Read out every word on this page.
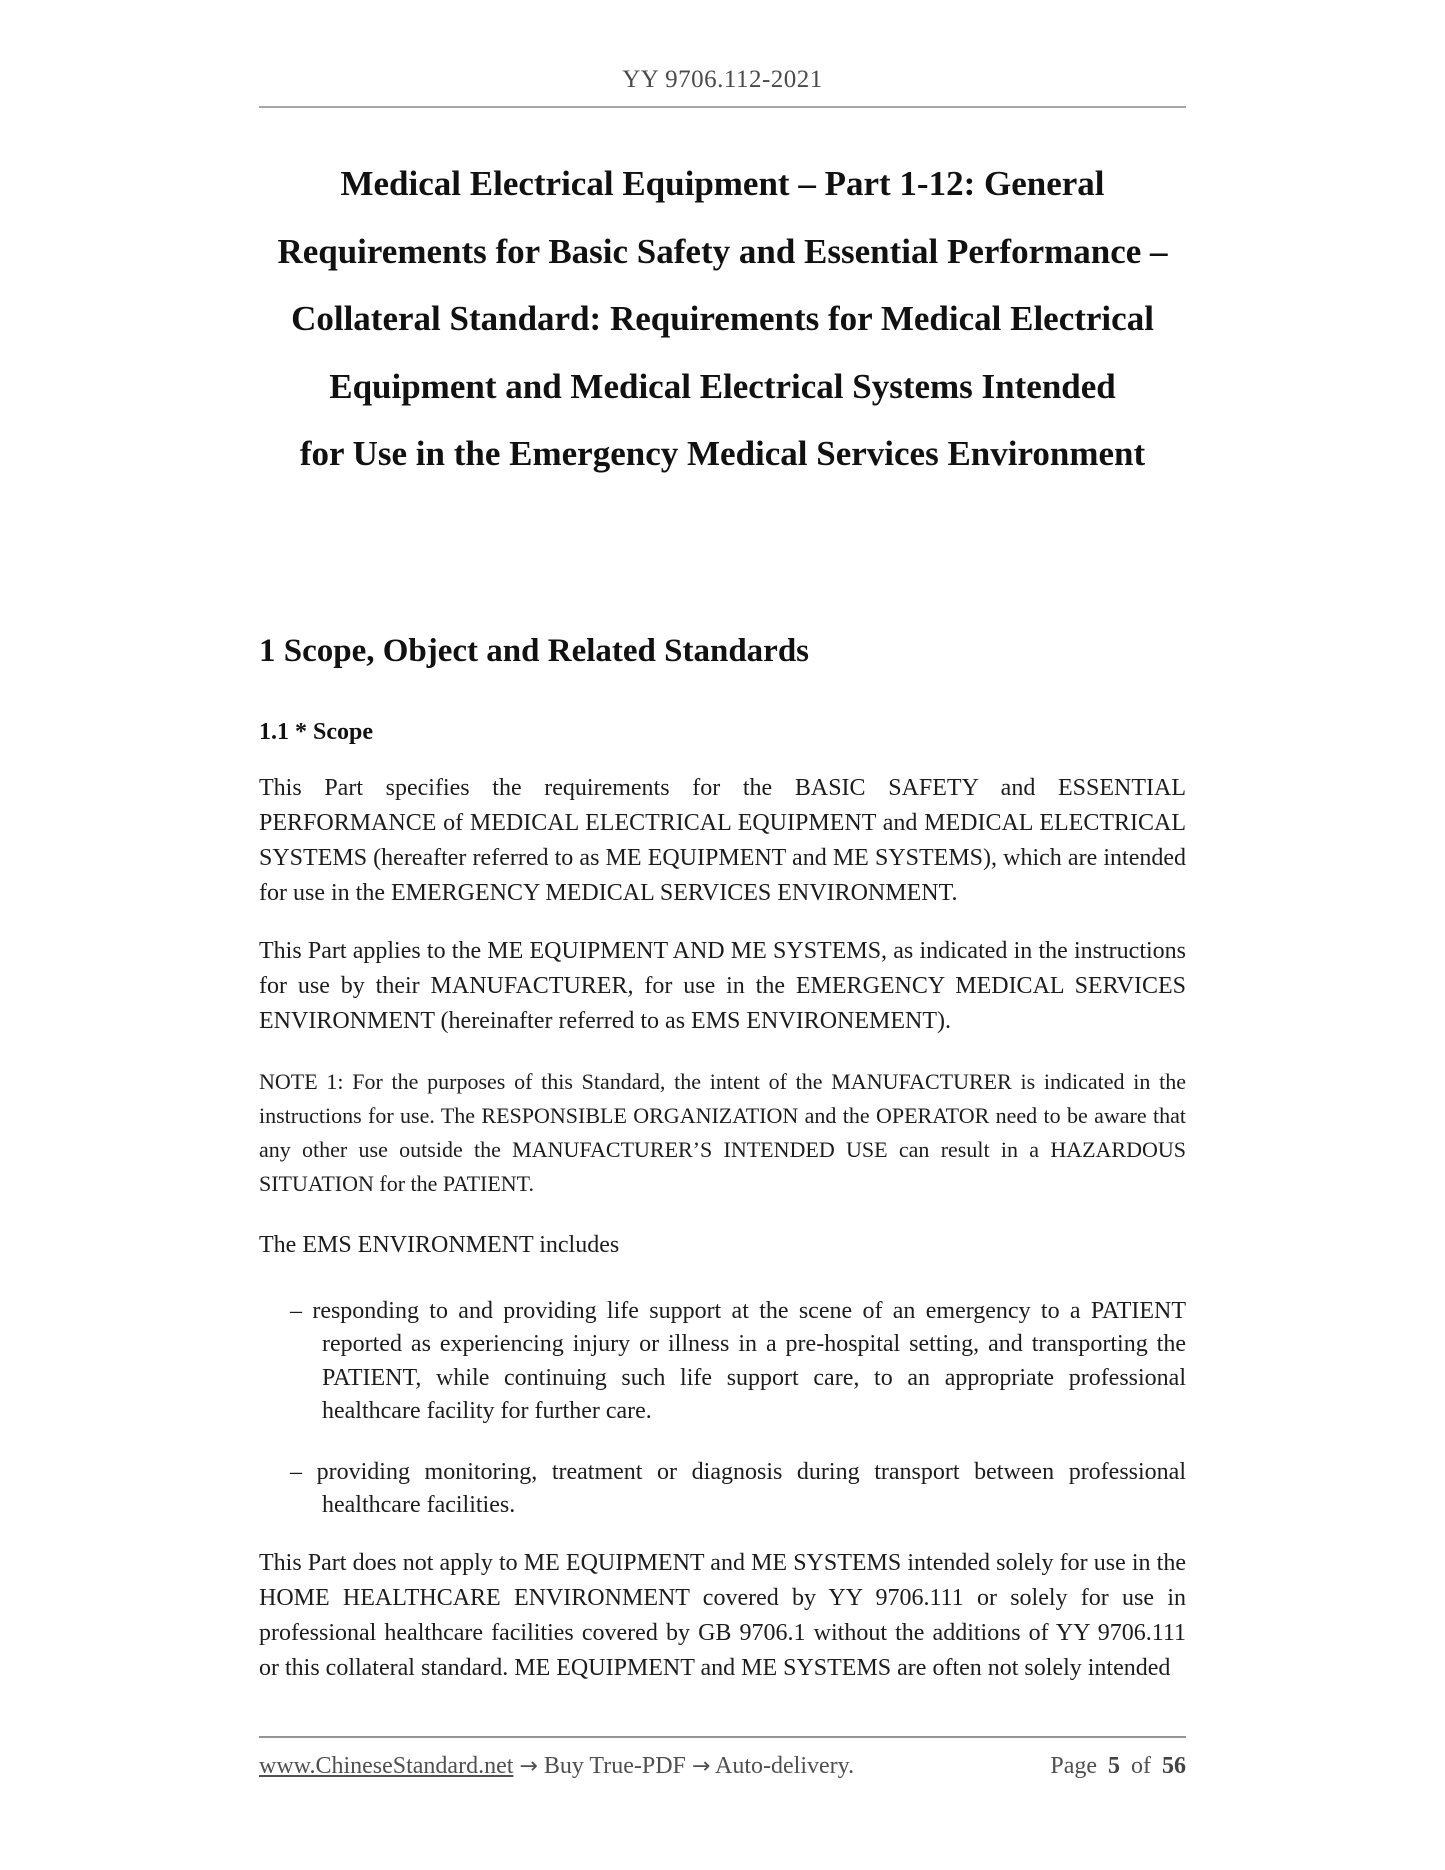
YY 9706.112-2021
Medical Electrical Equipment – Part 1-12: General
Requirements for Basic Safety and Essential Performance –
Collateral Standard: Requirements for Medical Electrical
Equipment and Medical Electrical Systems Intended
for Use in the Emergency Medical Services Environment
1 Scope, Object and Related Standards
1.1 * Scope

This Part specifies the requirements for the BASIC SAFETY and ESSENTIAL PERFORMANCE of MEDICAL ELECTRICAL EQUIPMENT and MEDICAL ELECTRICAL SYSTEMS (hereafter referred to as ME EQUIPMENT and ME SYSTEMS), which are intended for use in the EMERGENCY MEDICAL SERVICES ENVIRONMENT.

This Part applies to the ME EQUIPMENT AND ME SYSTEMS, as indicated in the instructions for use by their MANUFACTURER, for use in the EMERGENCY MEDICAL SERVICES ENVIRONMENT (hereinafter referred to as EMS ENVIRONEMENT).

NOTE 1: For the purposes of this Standard, the intent of the MANUFACTURER is indicated in the instructions for use. The RESPONSIBLE ORGANIZATION and the OPERATOR need to be aware that any other use outside the MANUFACTURER’S INTENDED USE can result in a HAZARDOUS SITUATION for the PATIENT.

The EMS ENVIRONMENT includes

– responding to and providing life support at the scene of an emergency to a PATIENT reported as experiencing injury or illness in a pre-hospital setting, and transporting the PATIENT, while continuing such life support care, to an appropriate professional healthcare facility for further care.
– providing monitoring, treatment or diagnosis during transport between professional healthcare facilities.

This Part does not apply to ME EQUIPMENT and ME SYSTEMS intended solely for use in the HOME HEALTHCARE ENVIRONMENT covered by YY 9706.111 or solely for use in professional healthcare facilities covered by GB 9706.1 without the additions of YY 9706.111 or this collateral standard. ME EQUIPMENT and ME SYSTEMS are often not solely intended

www.ChineseStandard.net → Buy True-PDF → Auto-delivery.	Page 5 of 56
